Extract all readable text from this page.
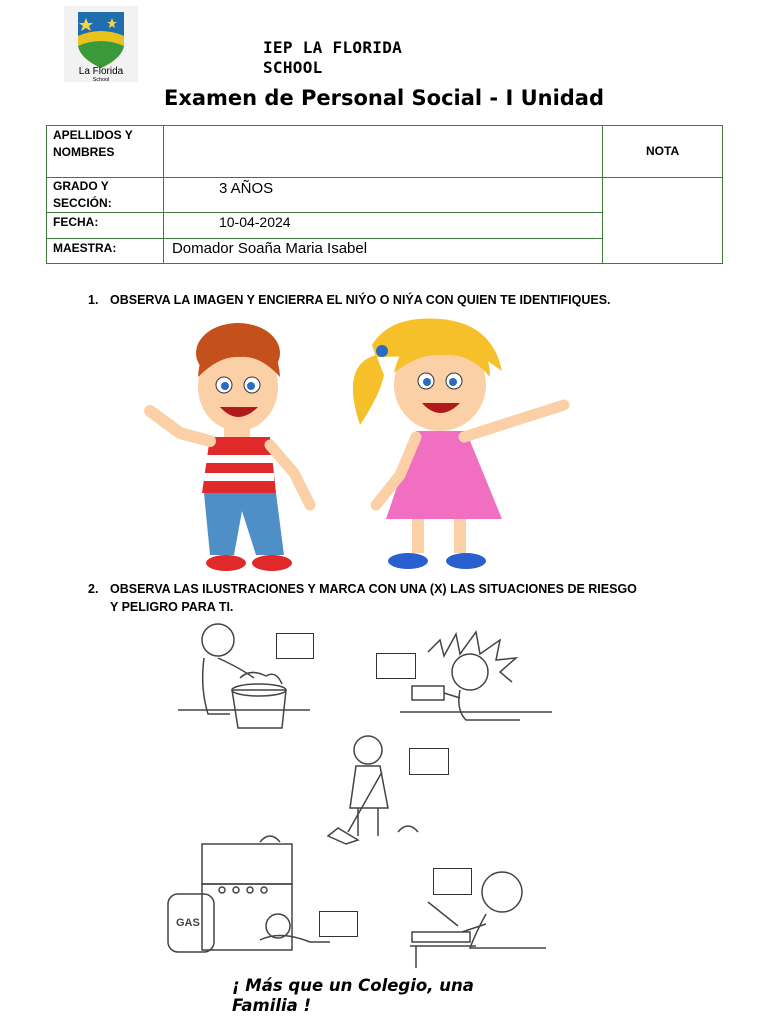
La Florida
School
IEP LA FLORIDA SCHOOL
Examen de Personal Social - I Unidad
APELLIDOS Y NOMBRES		NOTA

GRADO Y SECCIÓN:	3 AÑOS	

FECHA:	10-04-2024	

MAESTRA:	Domador Soaña Maria Isabel	
1. OBSERVA LA IMAGEN Y ENCIERRA EL NIÝO O NIÝA CON QUIEN TE IDENTIFIQUES.
2. OBSERVA LAS ILUSTRACIONES Y MARCA CON UNA (X) LAS SITUACIONES DE RIESGO
Y PELIGRO PARA TI.
GAS
¡ Más que un Colegio, una Familia !
